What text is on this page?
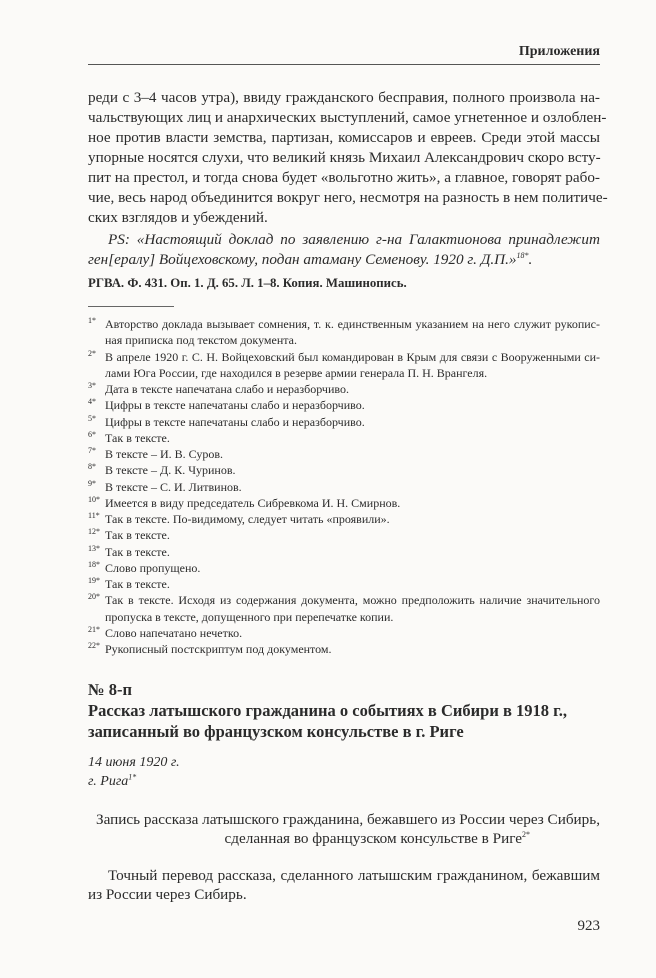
Приложения
реди с 3–4 часов утра), ввиду гражданского бесправия, полного произвола на-
чальствующих лиц и анархических выступлений, самое угнетенное и озлоблен-
ное против власти земства, партизан, комиссаров и евреев. Среди этой массы
упорные носятся слухи, что великий князь Михаил Александрович скоро всту-
пит на престол, и тогда снова будет «вольготно жить», а главное, говорят рабо-
чие, весь народ объединится вокруг него, несмотря на разность в нем политиче-
ских взглядов и убеждений.
PS: «Настоящий доклад по заявлению г-на Галактионова принадлежит
ген[ералу] Войцеховскому, подан атаману Семенову. 1920 г. Д.П.»$^{18*}$.
РГВА. Ф. 431. Оп. 1. Д. 65. Л. 1–8. Копия. Машинопись.
1* Авторство доклада вызывает сомнения, т. к. единственным указанием на него служит рукопис-
ная приписка под текстом документа.
2* В апреле 1920 г. С. Н. Войцеховский был командирован в Крым для связи с Вооруженными си-
лами Юга России, где находился в резерве армии генерала П. Н. Врангеля.
3* Дата в тексте напечатана слабо и неразборчиво.
4* Цифры в тексте напечатаны слабо и неразборчиво.
5* Цифры в тексте напечатаны слабо и неразборчиво.
6* Так в тексте.
7* В тексте – И. В. Суров.
8* В тексте – Д. К. Чуринов.
9* В тексте – С. И. Литвинов.
10* Имеется в виду председатель Сибревкома И. Н. Смирнов.
11* Так в тексте. По-видимому, следует читать «проявили».
12* Так в тексте.
13* Так в тексте.
18* Слово пропущено.
19* Так в тексте.
20* Так в тексте. Исходя из содержания документа, можно предположить наличие значительного
пропуска в тексте, допущенного при перепечатке копии.
21* Слово напечатано нечетко.
22* Рукописный постскриптум под документом.
№ 8-п
Рассказ латышского гражданина о событиях в Сибири в 1918 г.,
записанный во французском консульстве в г. Риге
14 июня 1920 г.
г. Рига$^{1*}$
Запись рассказа латышского гражданина, бежавшего из России через Сибирь,
сделанная во французском консульстве в Риге$^{2*}$
Точный перевод рассказа, сделанного латышским гражданином, бежавшим
из России через Сибирь.
923
